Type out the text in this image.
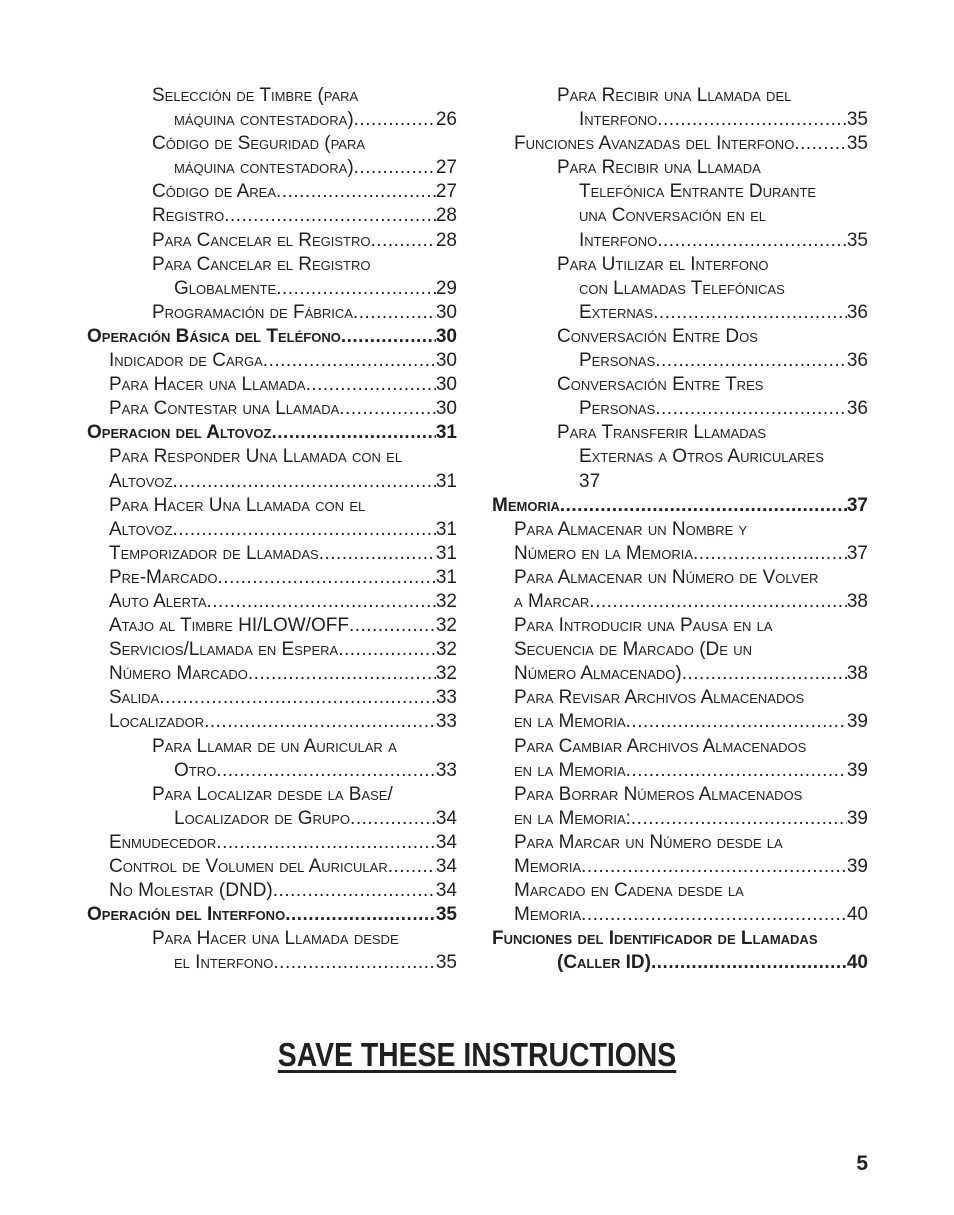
Selección de Timbre (para
máquina contestadora) .....	26
Código de Seguridad (para
máquina contestadora) .....	27
Código de Area .....	27
Registro .....	28
Para Cancelar el Registro .....	28
Para Cancelar el Registro
Globalmente .....	29
Programación de Fábrica .....	30
Operación Básica del Teléfono .....	30
Indicador de Carga .....	30
Para Hacer una Llamada .....	30
Para Contestar una Llamada .....	30
Operacion del Altovoz .....	31
Para Responder Una Llamada con el
Altovoz .....	31
Para Hacer Una Llamada con el
Altovoz .....	31
Temporizador de Llamadas .....	31
Pre-Marcado .....	31
Auto Alerta .....	32
Atajo al Timbre HI/LOW/OFF .....	32
Servicios/Llamada en Espera .....	32
Número Marcado .....	32
Salida .....	33
Localizador .....	33
Para Llamar de un Auricular a
Otro .....	33
Para Localizar desde la Base/
Localizador de Grupo .....	34
Enmudecedor .....	34
Control de Volumen del Auricular .....	34
No Molestar (DND) .....	34
Operación del Interfono .....	35
Para Hacer una Llamada desde
el Interfono .....	35
Para Recibir una Llamada del
Interfono .....	35
Funciones Avanzadas del Interfono .....	35
Para Recibir una Llamada
Telefónica Entrante Durante
una Conversación en el
Interfono .....	35
Para Utilizar el Interfono
con Llamadas Telefónicas
Externas .....	36
Conversación Entre Dos
Personas .....	36
Conversación Entre Tres
Personas .....	36
Para Transferir Llamadas
Externas a Otros Auriculares
37
Memoria .....	37
Para Almacenar un Nombre y
Número en la Memoria .....	37
Para Almacenar un Número de Volver
a Marcar .....	38
Para Introducir una Pausa en la
Secuencia de Marcado (De un
Número Almacenado) .....	38
Para Revisar Archivos Almacenados
en la Memoria .....	39
Para Cambiar Archivos Almacenados
en la Memoria .....	39
Para Borrar Números Almacenados
en la Memoria: .....	39
Para Marcar un Número desde la
Memoria .....	39
Marcado en Cadena desde la
Memoria .....	40
Funciones del Identificador de Llamadas
(Caller ID) .....	40
SAVE THESE INSTRUCTIONS
5
